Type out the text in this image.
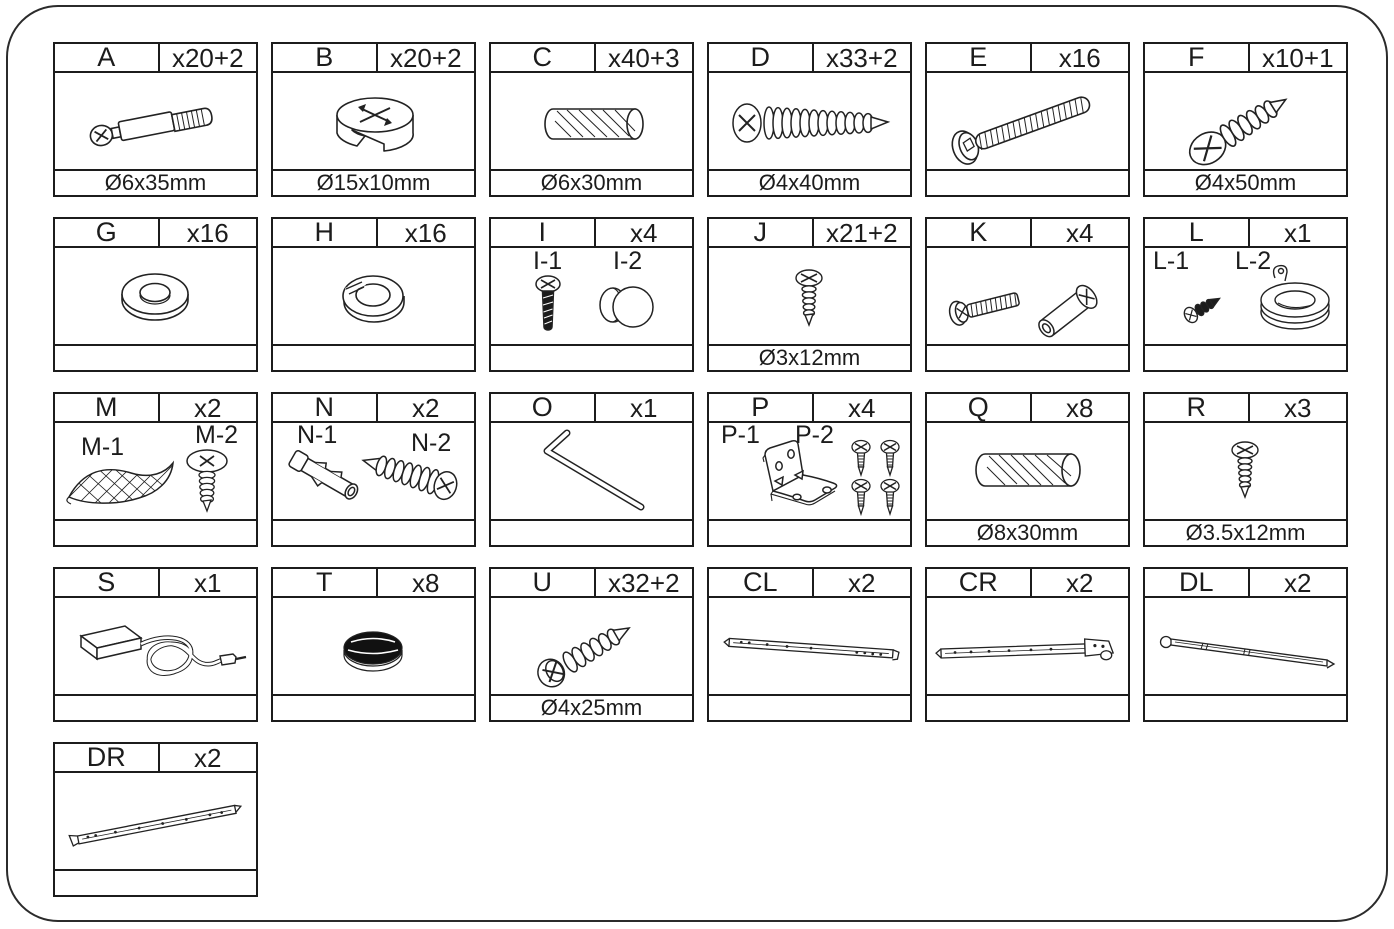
A	x20+2
Ø6x35mm
B	x20+2
Ø15x10mm
C	x40+3
Ø6x30mm
D	x33+2
Ø4x40mm
E	x16	F	x10+1
Ø4x50mm
G	x16	H	x16	I	x4
I-1 I-2
J	x21+2
Ø3x12mm
K	x4	L	x1
L-1 L-2
M	x2
M-1	M-2
N	x2
N-1	N-2
O	x1	P	x4
P-1 P-2
Q	x8
Ø8x30mm
R	x3
Ø3.5x12mm
S	x1	T	x8	U	x32+2
Ø4x25mm
CL	x2	CR	x2	DL	x2
DR	x2
